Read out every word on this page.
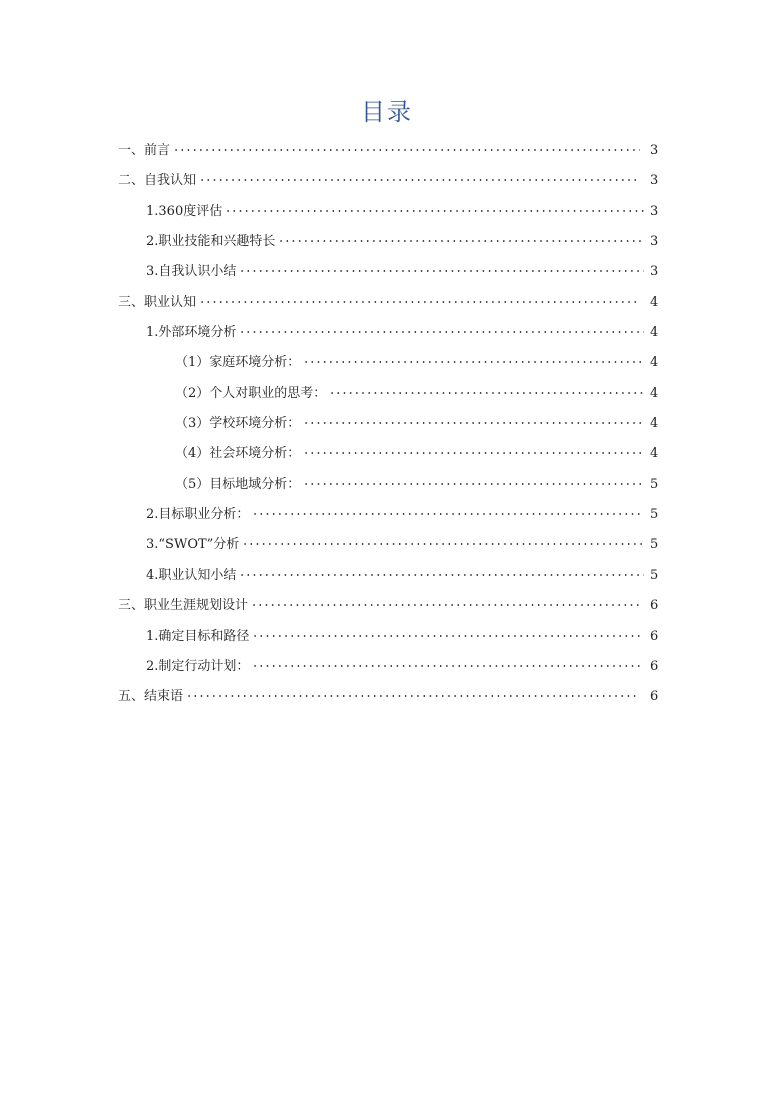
目录
一、前言	3
二、自我认知	3
1.360度评估	3
2.职业技能和兴趣特长	3
3.自我认识小结	3
三、职业认知	4
1.外部环境分析	4
（1）家庭环境分析：	4
（2）个人对职业的思考：	4
（3）学校环境分析：	4
（4）社会环境分析：	4
（5）目标地域分析：	5
2.目标职业分析：	5
3.“SWOT”分析	5
4.职业认知小结	5
三、职业生涯规划设计	6
1.确定目标和路径	6
2.制定行动计划：	6
五、结束语	6
